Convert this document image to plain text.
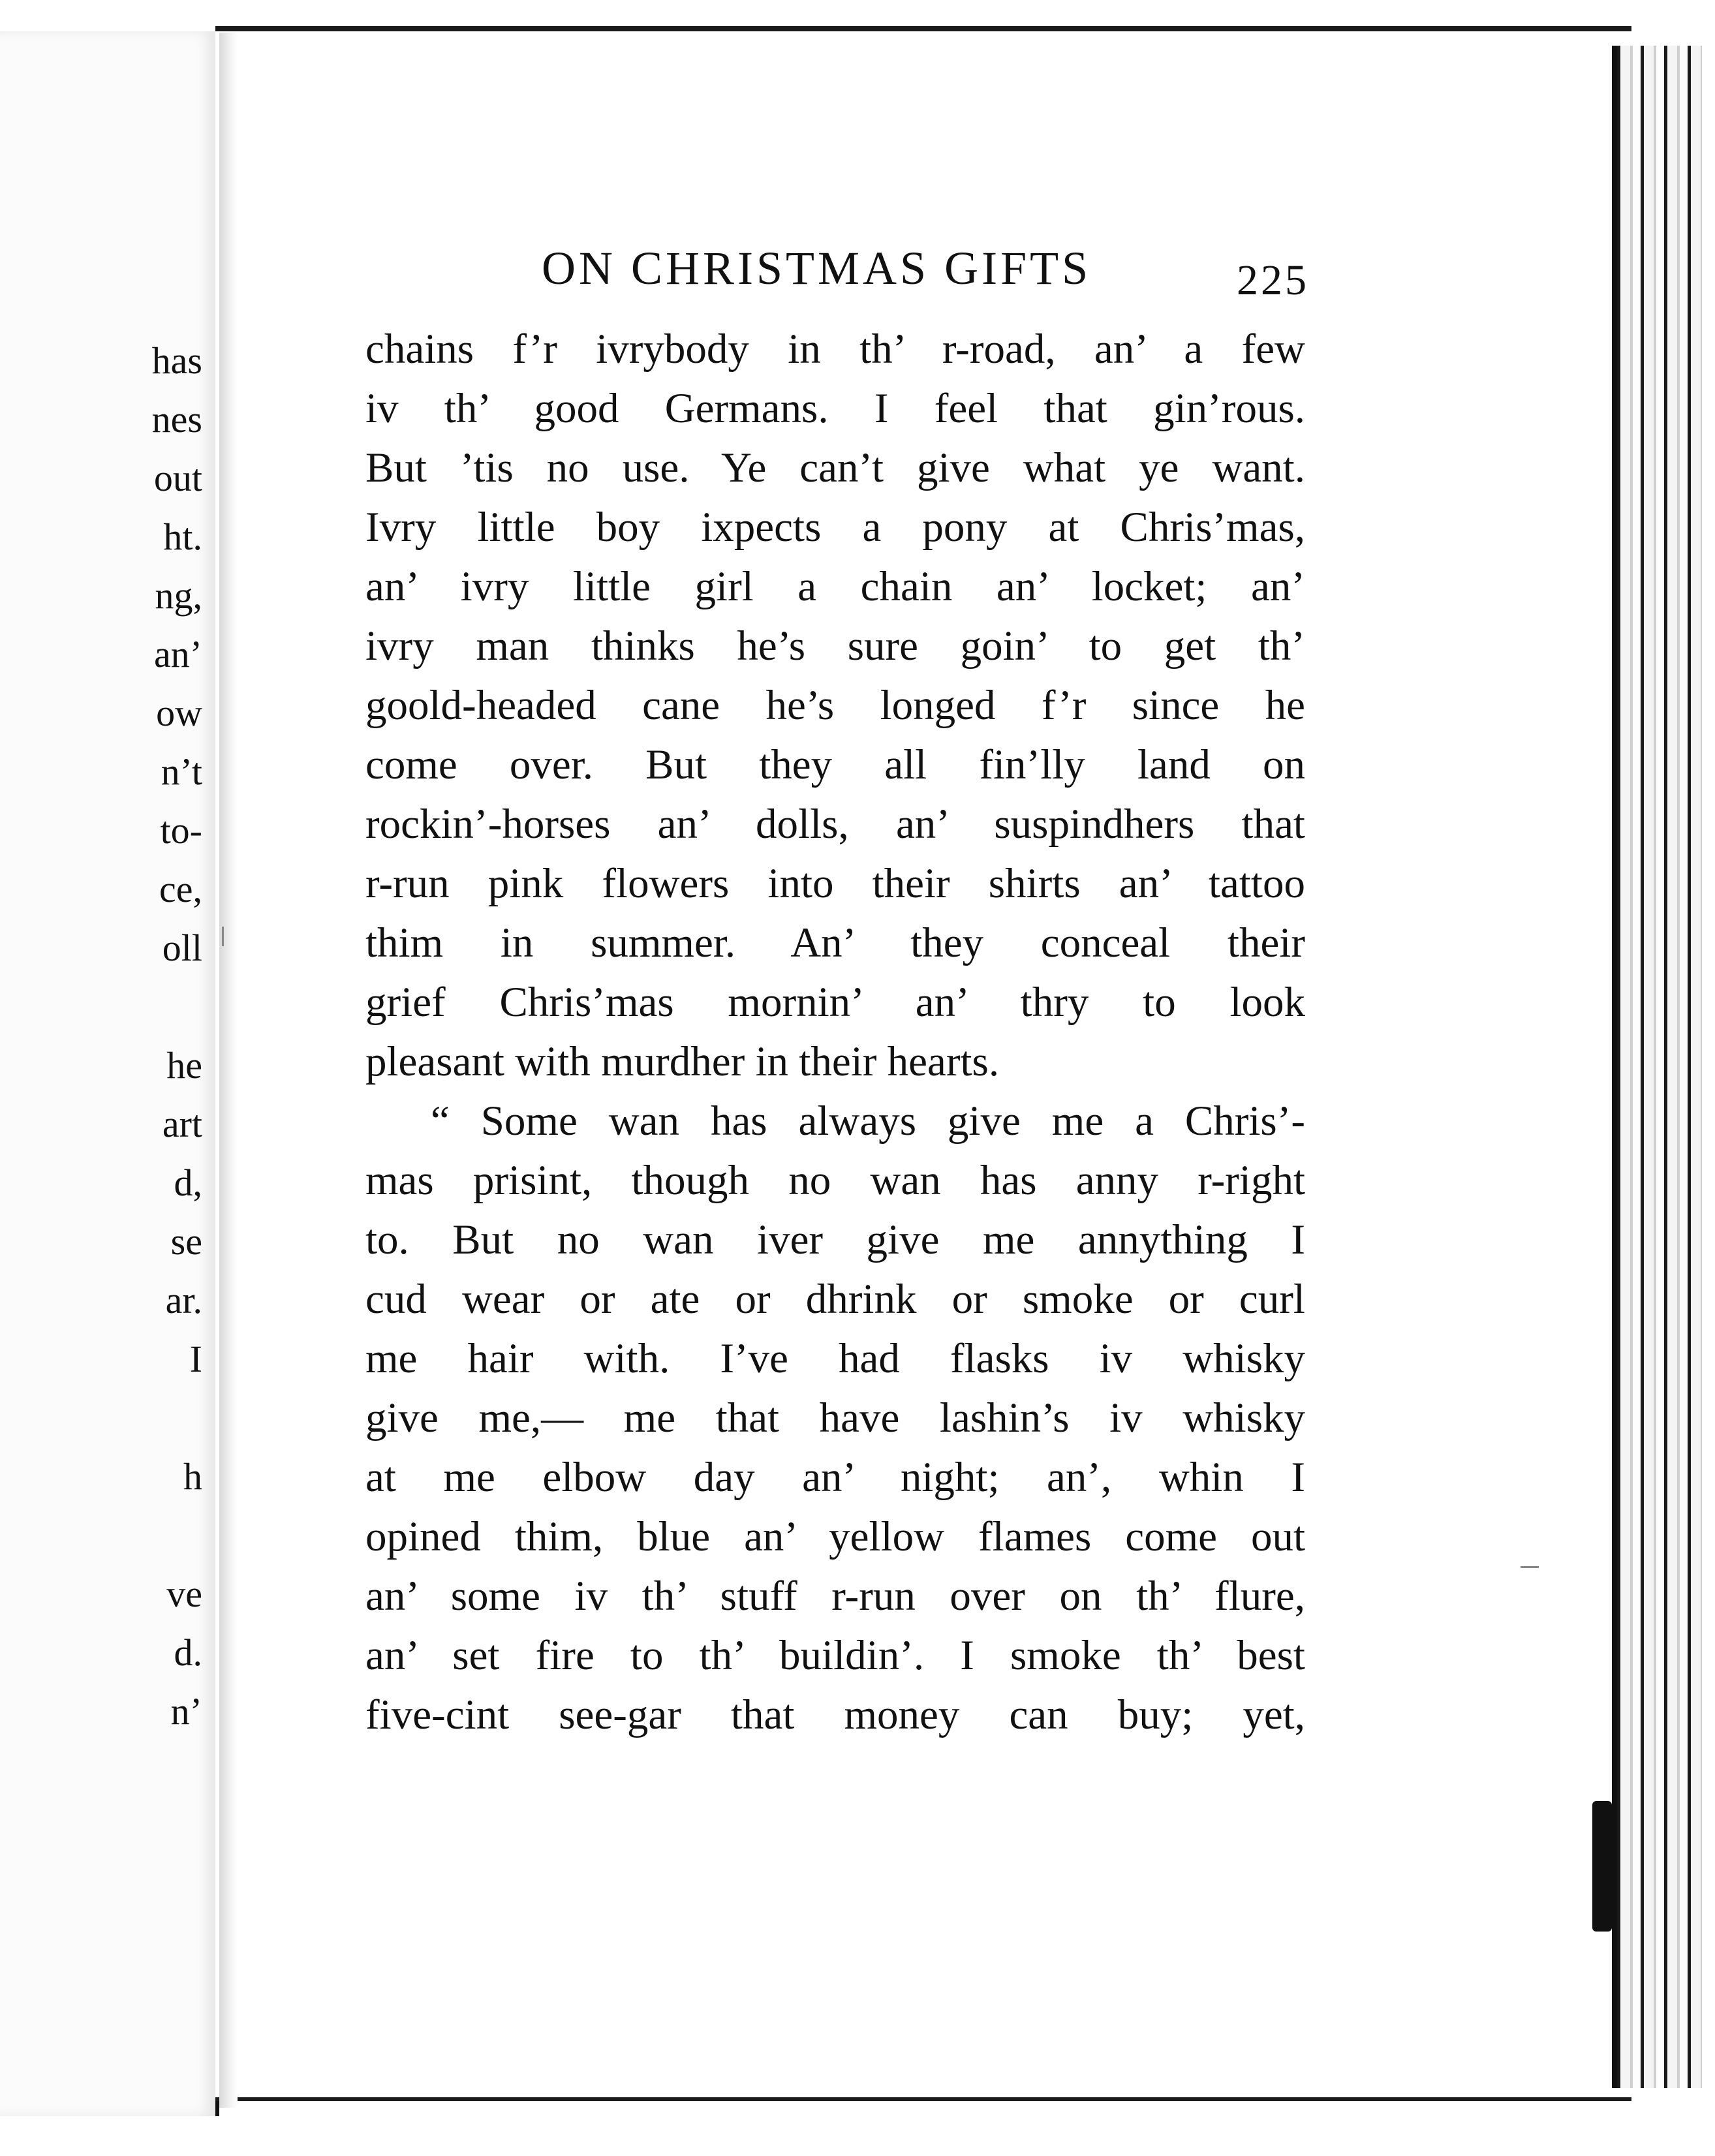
has
nes
out
ht.
ng,
an’
ow
n’t
to-
ce,
oll
he
art
d,
se
ar.
I
h
ve
d.
n’
ON CHRISTMAS GIFTS	225
chains f’r ivrybody in th’ r-road, an’ a few
iv th’ good Germans. I feel that gin’rous.
But ’tis no use. Ye can’t give what ye want.
Ivry little boy ixpects a pony at Chris’mas,
an’ ivry little girl a chain an’ locket; an’
ivry man thinks he’s sure goin’ to get th’
goold-headed cane he’s longed f’r since he
come over. But they all fin’lly land on
rockin’-horses an’ dolls, an’ suspindhers that
r-run pink flowers into their shirts an’ tattoo
thim in summer. An’ they conceal their
grief Chris’mas mornin’ an’ thry to look
pleasant with murdher in their hearts.
“ Some wan has always give me a Chris’-
mas prisint, though no wan has anny r-right
to. But no wan iver give me annything I
cud wear or ate or dhrink or smoke or curl
me hair with. I’ve had flasks iv whisky
give me,— me that have lashin’s iv whisky
at me elbow day an’ night; an’, whin I
opined thim, blue an’ yellow flames come out
an’ some iv th’ stuff r-run over on th’ flure,
an’ set fire to th’ buildin’. I smoke th’ best
five-cint see-gar that money can buy; yet,
